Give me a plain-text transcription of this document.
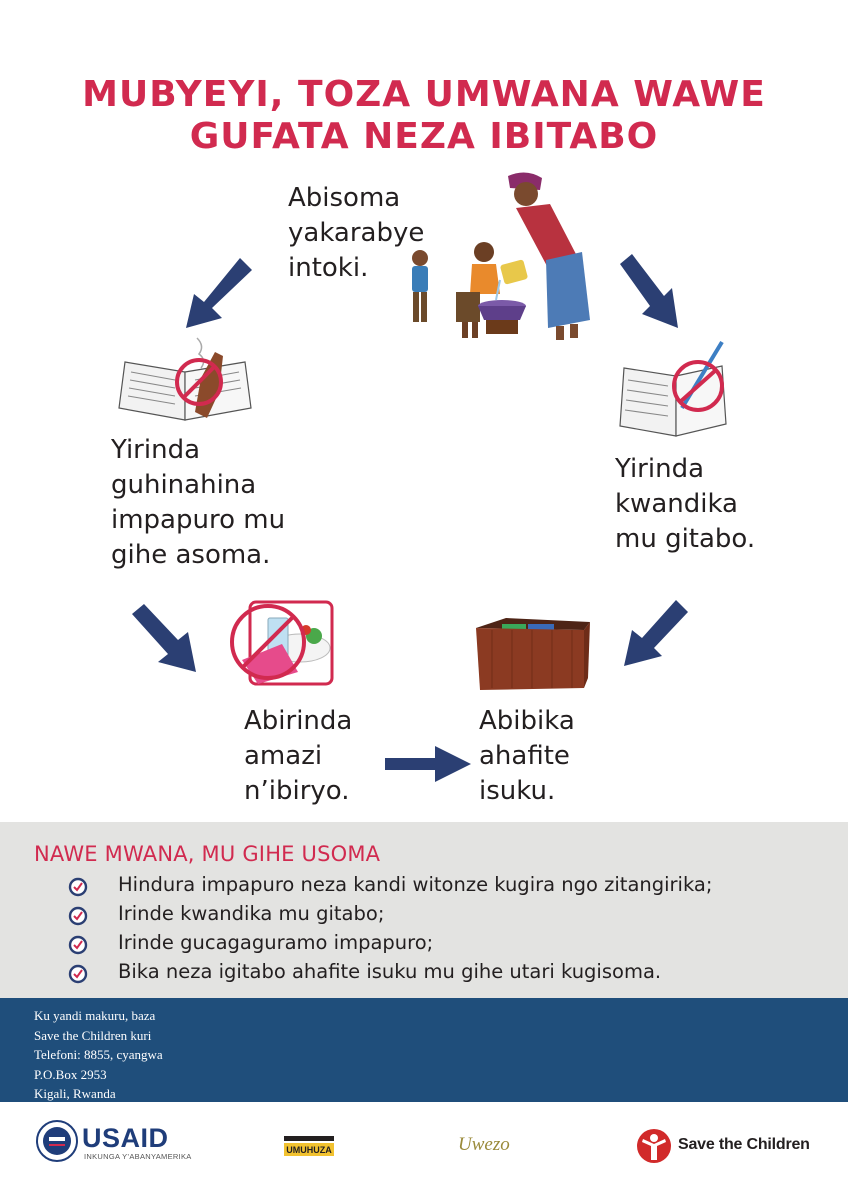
MUBYEYI, TOZA UMWANA WAWE
GUFATA NEZA IBITABO
Abisoma
yakarabye
intoki.
Yirinda
guhinahina
impapuro mu
gihe asoma.
Yirinda
kwandika
mu gitabo.
Abirinda
amazi
n’ibiryo.
Abibika
ahafite
isuku.
NAWE MWANA, MU GIHE USOMA
Hindura impapuro neza kandi witonze kugira ngo zitangirika;
Irinde kwandika mu gitabo;
Irinde gucagaguramo impapuro;
Bika neza igitabo ahafite isuku mu gihe utari kugisoma.
Ku yandi makuru, baza
Save the Children kuri
Telefoni: 8855, cyangwa
P.O.Box 2953
Kigali, Rwanda
USAID
INKUNGA Y’ABANYAMERIKA
UMUHUZA	Uwezo	Save the Children
